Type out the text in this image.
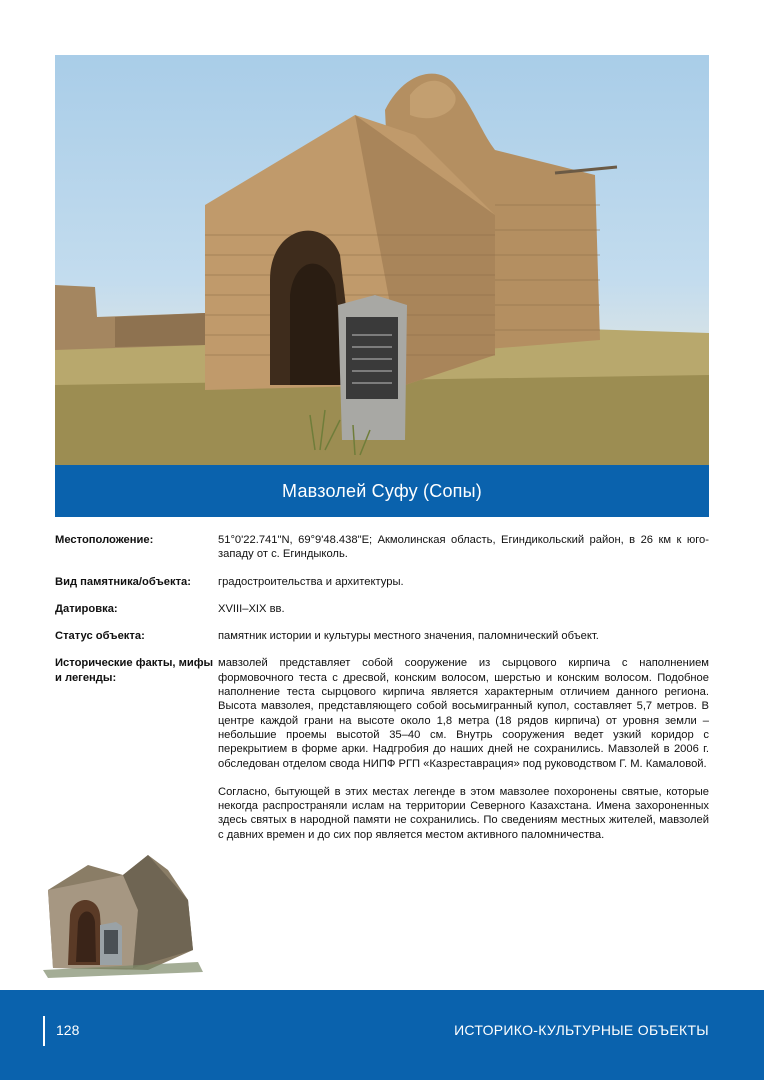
Мавзолей Суфу (Сопы)
Местоположение:	51°0'22.741"N, 69°9'48.438"E; Акмолинская область, Егиндикольский район, в 26 км к юго-западу от с. Егиндыколь.
Вид памятника/объекта:	градостроительства и архитектуры.
Датировка:	XVIII–XIX вв.
Статус объекта:	памятник истории и культуры местного значения, паломнический объект.
Исторические факты, мифы и легенды:

мавзолей представляет собой сооружение из сырцового кирпича с наполнением формовочного теста с дресвой, конским волосом, шерстью и конским волосом. Подобное наполнение теста сырцового кирпича является характерным отличием данного региона. Высота мавзолея, представляющего собой восьмигранный купол, составляет 5,7 метров. В центре каждой грани на высоте около 1,8 метра (18 рядов кирпича) от уровня земли – небольшие проемы высотой 35–40 см. Внутрь сооружения ведет узкий коридор с перекрытием в форме арки. Надгробия до наших дней не сохранились. Мавзолей в 2006 г. обследован отделом свода НИПФ РГП «Казреставрация» под руководством Г. М. Камаловой.

Согласно, бытующей в этих местах легенде в этом мавзолее похоронены святые, которые некогда распространяли ислам на территории Северного Казахстана. Имена захороненных здесь святых в народной памяти не сохранились. По сведениям местных жителей, мавзолей с давних времен и до сих пор является местом активного паломничества.

128	ИСТОРИКО-КУЛЬТУРНЫЕ ОБЪЕКТЫ
